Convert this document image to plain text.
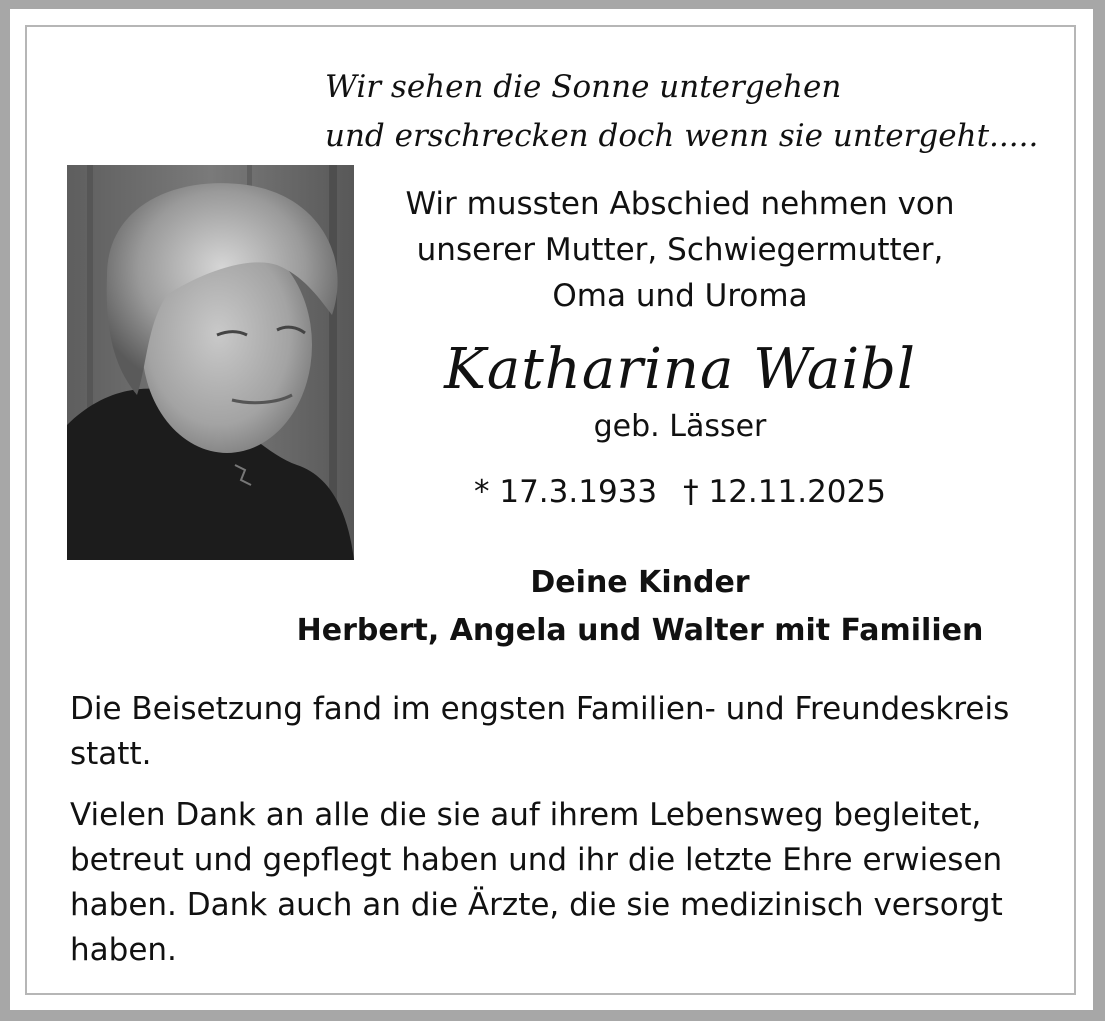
Wir sehen die Sonne untergehen
und erschrecken doch wenn sie untergeht.....
Wir mussten Abschied nehmen von
unserer Mutter, Schwiegermutter,
Oma und Uroma
Katharina Waibl
geb. Lässer
* 17.3.1933 † 12.11.2025
Deine Kinder
Herbert, Angela und Walter mit Familien
Die Beisetzung fand im engsten Familien- und Freundeskreis statt.
Vielen Dank an alle die sie auf ihrem Lebensweg begleitet, betreut und gepflegt haben und ihr die letzte Ehre erwiesen haben. Dank auch an die Ärzte, die sie medizinisch versorgt haben.
